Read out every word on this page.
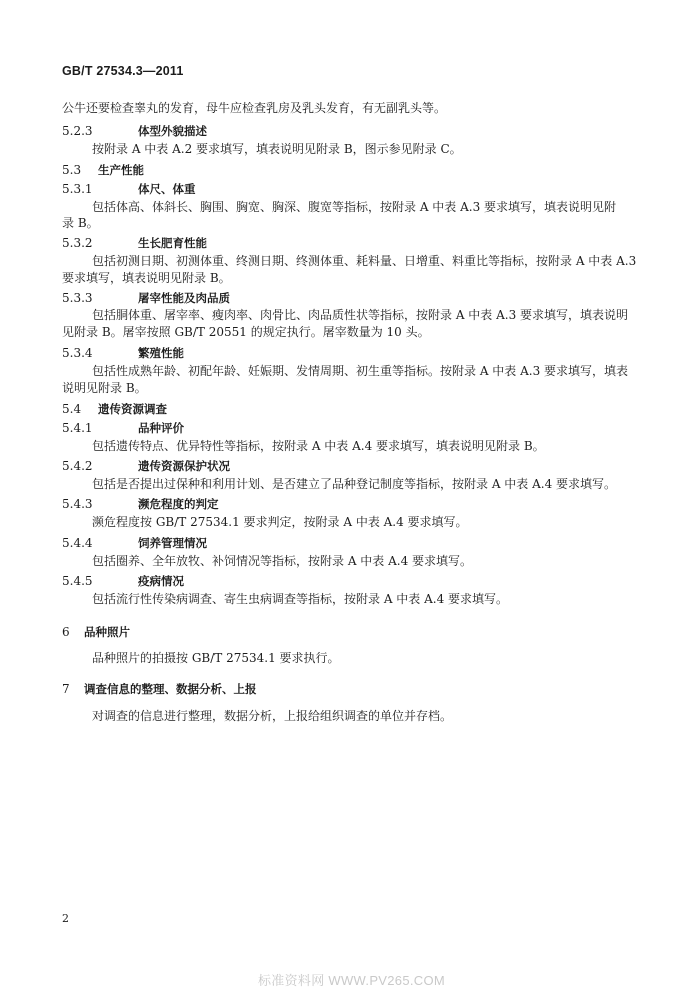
GB/T 27534.3—2011
公牛还要检查睾丸的发育，母牛应检查乳房及乳头发育，有无副乳头等。
5.2.3	体型外貌描述
按附录 A 中表 A.2 要求填写，填表说明见附录 B，图示参见附录 C。
5.3 生产性能
5.3.1	体尺、体重
包括体高、体斜长、胸围、胸宽、胸深、腹宽等指标，按附录 A 中表 A.3 要求填写，填表说明见附
录 B。
5.3.2	生长肥育性能
包括初测日期、初测体重、终测日期、终测体重、耗料量、日增重、料重比等指标，按附录 A 中表 A.3
要求填写，填表说明见附录 B。
5.3.3	屠宰性能及肉品质
包括胴体重、屠宰率、瘦肉率、肉骨比、肉品质性状等指标，按附录 A 中表 A.3 要求填写，填表说明
见附录 B。屠宰按照 GB/T 20551 的规定执行。屠宰数量为 10 头。
5.3.4	繁殖性能
包括性成熟年龄、初配年龄、妊娠期、发情周期、初生重等指标。按附录 A 中表 A.3 要求填写，填表
说明见附录 B。
5.4 遗传资源调查
5.4.1	品种评价
包括遗传特点、优异特性等指标，按附录 A 中表 A.4 要求填写，填表说明见附录 B。
5.4.2	遗传资源保护状况
包括是否提出过保种和利用计划、是否建立了品种登记制度等指标，按附录 A 中表 A.4 要求填写。
5.4.3	濒危程度的判定
濒危程度按 GB/T 27534.1 要求判定，按附录 A 中表 A.4 要求填写。
5.4.4	饲养管理情况
包括圈养、全年放牧、补饲情况等指标，按附录 A 中表 A.4 要求填写。
5.4.5	疫病情况
包括流行性传染病调查、寄生虫病调查等指标，按附录 A 中表 A.4 要求填写。
6 品种照片
品种照片的拍摄按 GB/T 27534.1 要求执行。
7 调查信息的整理、数据分析、上报
对调查的信息进行整理，数据分析，上报给组织调查的单位并存档。
2
标准资料网 WWW.PV265.COM
